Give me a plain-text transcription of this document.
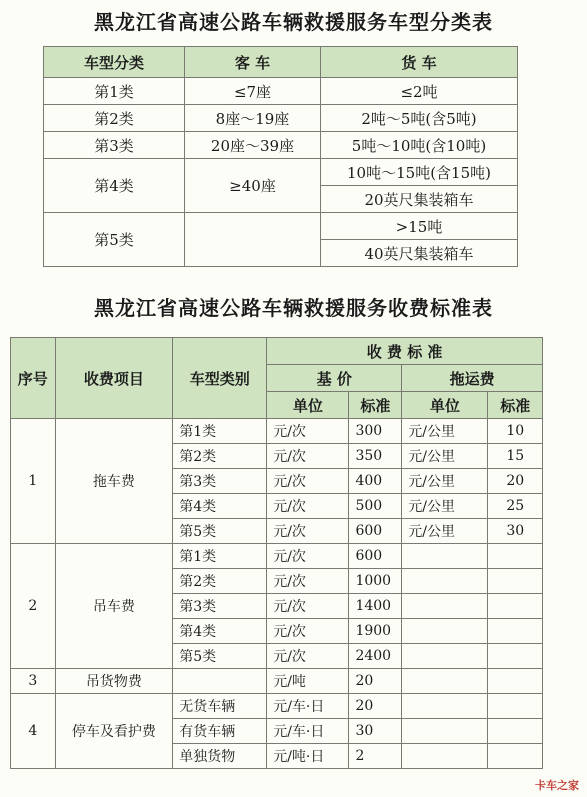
黑龙江省高速公路车辆救援服务车型分类表
车型分类	客 车	货 车
第1类	≤7座	≤2吨
第2类	8座～19座	2吨～5吨(含5吨)
第3类	20座～39座	5吨～10吨(含10吨)
第4类	≥40座	10吨～15吨(含15吨)
		20英尺集装箱车
第5类		>15吨
		40英尺集装箱车
黑龙江省高速公路车辆救援服务收费标准表
序号	收费项目	车型类别	收 费 标 准			
			基 价		拖运费	
			单位	标准	单位	标准
1	拖车费	第1类	元/次	300	元/公里	10
		第2类	元/次	350	元/公里	15
		第3类	元/次	400	元/公里	20
		第4类	元/次	500	元/公里	25
		第5类	元/次	600	元/公里	30
2	吊车费	第1类	元/次	600		
		第2类	元/次	1000		
		第3类	元/次	1400		
		第4类	元/次	1900		
		第5类	元/次	2400		
3	吊货物费		元/吨	20		
4	停车及看护费	无货车辆	元/车·日	20		
		有货车辆	元/车·日	30		
		单独货物	元/吨·日	2		
卡车之家
